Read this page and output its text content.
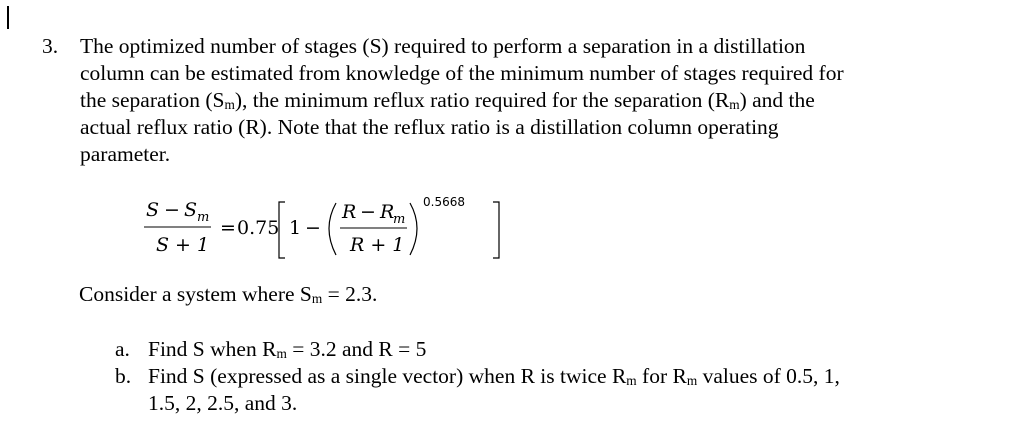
3. The optimized number of stages (S) required to perform a separation in a distillation
column can be estimated from knowledge of the minimum number of stages required for
the separation $(S_m)$, the minimum reflux ratio required for the separation $(R_m)$ and the
actual reflux ratio (R). Note that the reflux ratio is a distillation column operating
parameter.
S − S m
S + 1
= 0.75 1 −
R − R
m
R + 1
0.5668
Consider a system where $S_m = 2.3$.
a. Find S when $R_m = 3.2$ and R = 5
b. Find S (expressed as a single vector) when R is twice $R_m$ for $R_m$ values of 0.5, 1,
1.5, 2, 2.5, and 3.
